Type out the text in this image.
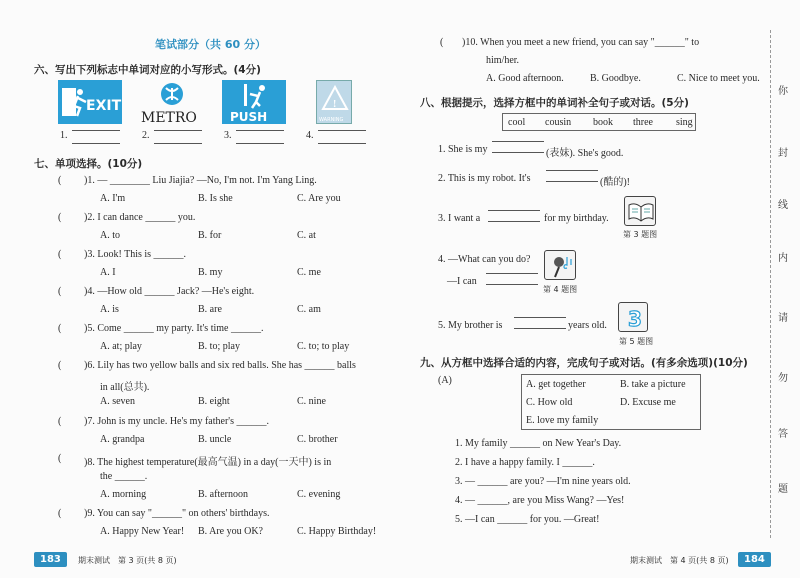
笔试部分（共 60 分）
六、写出下列标志中单词对应的小写形式。(4分)
EXIT
METRO	PUSH
!
WARNING
1.	2.	3.	4.
七、单项选择。(10分)
( )1. — ________ Liu Jiajia? —No, I'm not. I'm Yang Ling.
A. I'm	B. Is she	C. Are you
( )2. I can dance ______ you.
A. to	B. for	C. at
( )3. Look! This is ______.
A. I	B. my	C. me
( )4. —How old ______ Jack? —He's eight.
A. is	B. are	C. am
( )5. Come ______ my party. It's time ______.
A. at; play	B. to; play	C. to; to play
( )6. Lily has two yellow balls and six red balls. She has ______ balls
in all(总共).
A. seven	B. eight	C. nine
( )7. John is my uncle. He's my father's ______.
A. grandpa	B. uncle	C. brother
( )8. The highest temperature(最高气温) in a day(一天中) is in
the ______.
A. morning	B. afternoon	C. evening
( )9. You can say "______" on others' birthdays.
A. Happy New Year! B. Are you OK?	C. Happy Birthday!
183	期末测试　第 3 页(共 8 页)
( )10. When you meet a new friend, you can say "______" to
him/her.
A. Good afternoon.	B. Goodbye.	C. Nice to meet you.
八、根据提示，选择方框中的单词补全句子或对话。(5分)
cool cousin book three sing
1. She is my	(表妹). She's good.
2. This is my robot. It's	(酷的)!
3. I want a	for my birthday.
第 3 题图
4. —What can you do?
—I can
第 4 题图
5. My brother is	years old. 3
第 5 题图
九、从方框中选择合适的内容，完成句子或对话。(有多余选项)(10分)
(A)	A. get together	B. take a picture
C. How old	D. Excuse me
E. love my family
1. My family ______ on New Year's Day.
2. I have a happy family. I ______.
3. — ______ are you? —I'm nine years old.
4. — ______, are you Miss Wang? —Yes!
5. —I can ______ for you. —Great!
期末测试　第 4 页(共 8 页)	184
你
封
线
内
请
勿
答
题
